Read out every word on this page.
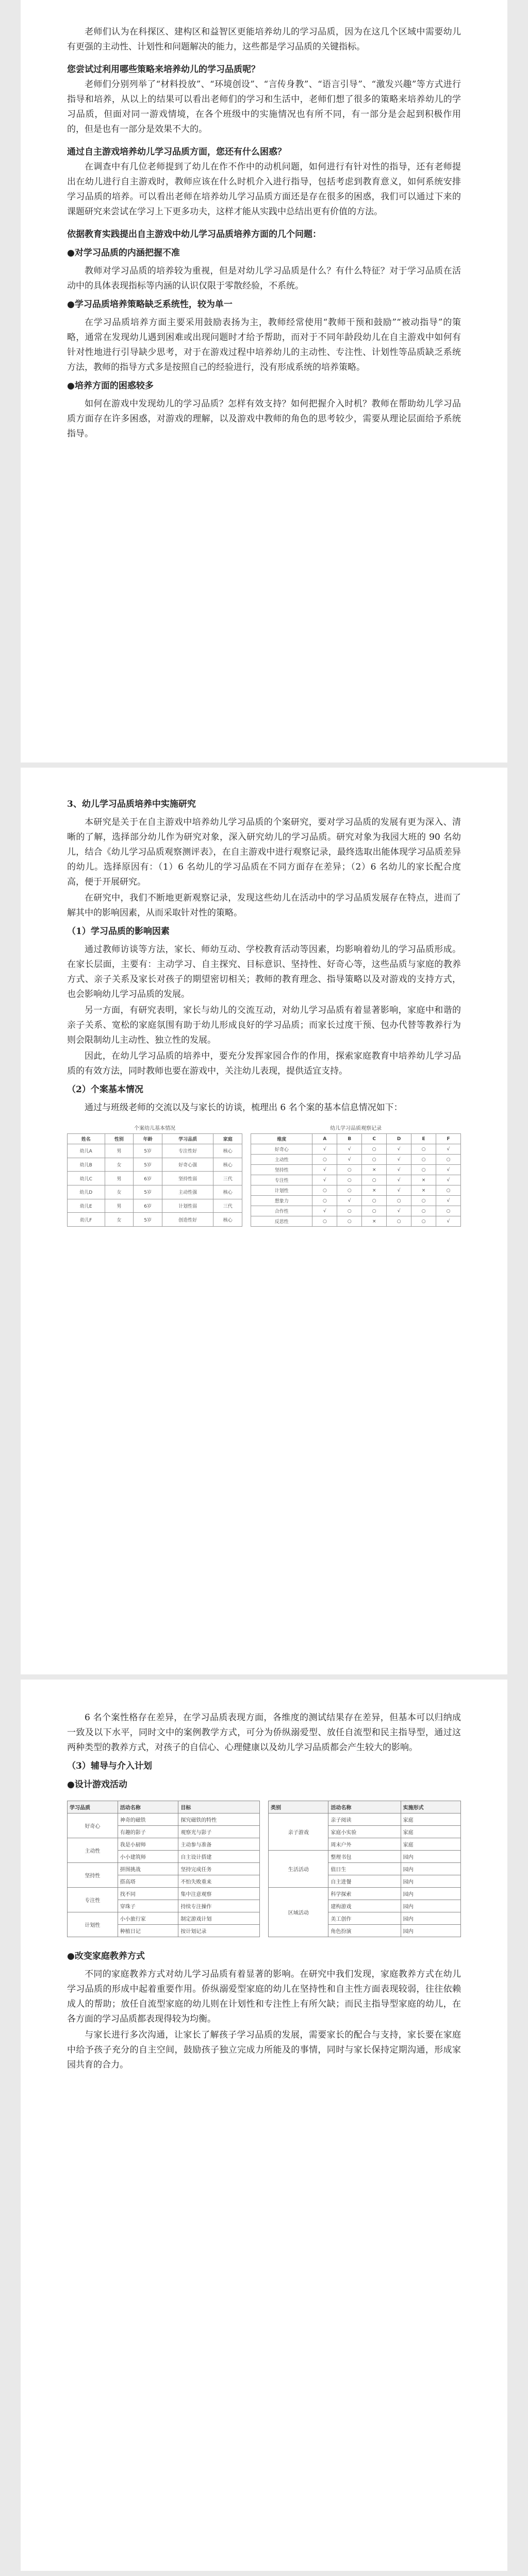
老师们认为在科探区、建构区和益智区更能培养幼儿的学习品质，因为在这几个区域中需要幼儿有更强的主动性、计划性和问题解决的能力，这些都是学习品质的关键指标。

您尝试过利用哪些策略来培养幼儿的学习品质呢？

老师们分别列举了“材料投放”、“环境创设”、“言传身教”、“语言引导”、“激发兴趣”等方式进行指导和培养，从以上的结果可以看出老师们的学习和生活中，老师们想了很多的策略来培养幼儿的学习品质，但面对同一游戏情境，在各个班级中的实施情况也有所不同，有一部分是会起到积极作用的，但是也有一部分是效果不大的。

通过自主游戏培养幼儿学习品质方面，您还有什么困惑？

在调查中有几位老师提到了幼儿在作不作中的动机问题，如何进行有针对性的指导，还有老师提出在幼儿进行自主游戏时，教师应该在什么时机介入进行指导，包括考虑到教育意义，如何系统安排学习品质的培养。可以看出老师在培养幼儿学习品质方面还是存在很多的困惑，我们可以通过下来的课题研究来尝试在学习上下更多功夫，这样才能从实践中总结出更有价值的方法。

依据教育实践提出自主游戏中幼儿学习品质培养方面的几个问题：
●对学习品质的内涵把握不准

教师对学习品质的培养较为重视，但是对幼儿学习品质是什么？有什么特征？对于学习品质在活动中的具体表现指标等内涵的认识仅限于零散经验，不系统。

●学习品质培养策略缺乏系统性，较为单一

在学习品质培养方面主要采用鼓励表扬为主，教师经常使用“教师干预和鼓励”“被动指导”的策略，通常在发现幼儿遇到困难或出现问题时才给予帮助，而对于不同年龄段幼儿在自主游戏中如何有针对性地进行引导缺少思考，对于在游戏过程中培养幼儿的主动性、专注性、计划性等品质缺乏系统方法，教师的指导方式多是按照自己的经验进行，没有形成系统的培养策略。

●培养方面的困惑较多

如何在游戏中发现幼儿的学习品质？怎样有效支持？如何把握介入时机？教师在帮助幼儿学习品质方面存在许多困惑，对游戏的理解，以及游戏中教师的角色的思考较少，需要从理论层面给予系统指导。

3、幼儿学习品质培养中实施研究

本研究是关于在自主游戏中培养幼儿学习品质的个案研究，要对学习品质的发展有更为深入、清晰的了解，选择部分幼儿作为研究对象，深入研究幼儿的学习品质。研究对象为我园大班的 90 名幼儿，结合《幼儿学习品质观察测评表》，在自主游戏中进行观察记录，最终选取出能体现学习品质差异的幼儿。选择原因有：（1）6 名幼儿的学习品质在不同方面存在差异；（2）6 名幼儿的家长配合度高，便于开展研究。

在研究中，我们不断地更新观察记录，发现这些幼儿在活动中的学习品质发展存在特点，进而了解其中的影响因素，从而采取针对性的策略。

（1）学习品质的影响因素

通过教师访谈等方法，家长、师幼互动、学校教育活动等因素，均影响着幼儿的学习品质形成。在家长层面，主要有：主动学习、自主探究、目标意识、坚持性、好奇心等，这些品质与家庭的教养方式、亲子关系及家长对孩子的期望密切相关；教师的教育理念、指导策略以及对游戏的支持方式，也会影响幼儿学习品质的发展。

另一方面，有研究表明，家长与幼儿的交流互动，对幼儿学习品质有着显著影响，家庭中和谐的亲子关系、宽松的家庭氛围有助于幼儿形成良好的学习品质；而家长过度干预、包办代替等教养行为则会限制幼儿主动性、独立性的发展。

因此，在幼儿学习品质的培养中，要充分发挥家园合作的作用，探索家庭教育中培养幼儿学习品质的有效方法，同时教师也要在游戏中，关注幼儿表现，提供适宜支持。

（2）个案基本情况

通过与班级老师的交流以及与家长的访谈，梳理出 6 名个案的基本信息情况如下：

个案幼儿基本情况
姓名	性别	年龄	学习品质	家庭
幼儿A	男	5岁	专注性好	核心
幼儿B	女	5岁	好奇心强	核心
幼儿C	男	6岁	坚持性弱	三代
幼儿D	女	5岁	主动性强	核心
幼儿E	男	6岁	计划性弱	三代
幼儿F	女	5岁	创造性好	核心
幼儿学习品质观察记录
维度	A	B	C	D	E	F
好奇心	√	√	○	√	○	√
主动性	○	√	○	√	○	○
坚持性	√	○	×	√	○	√
专注性	√	○	○	√	×	√
计划性	○	○	×	√	×	○
想象力	○	√	○	○	○	√
合作性	√	○	○	√	○	○
反思性	○	○	×	○	○	√

6 名个案性格存在差异，在学习品质表现方面，各维度的测试结果存在差异，但基本可以归纳成一致及以下水平，同时文中的案例教学方式，可分为侨纵溺爱型、放任自流型和民主指导型，通过这两种类型的教养方式，对孩子的自信心、心理健康以及幼儿学习品质都会产生较大的影响。

（3）辅导与介入计划
●设计游戏活动
学习品质	活动名称	目标
好奇心	神奇的磁铁	探究磁铁的特性
	有趣的影子	观察光与影子
主动性	我是小厨师	主动参与准备
	小小建筑师	自主设计搭建
坚持性	拼图挑战	坚持完成任务
	搭高塔	不怕失败重来
专注性	找不同	集中注意观察
	穿珠子	持续专注操作
计划性	小小旅行家	制定游戏计划
	种植日记	按计划记录
类别	活动名称	实施形式
亲子游戏	亲子阅读	家庭
	家庭小实验	家庭
	周末户外	家庭
生活活动	整理书包	园内
	值日生	园内
	自主进餐	园内
区域活动	科学探索	园内
	建构游戏	园内
	美工创作	园内
	角色扮演	园内
●改变家庭教养方式

不同的家庭教养方式对幼儿学习品质有着显著的影响。在研究中我们发现，家庭教养方式在幼儿学习品质的形成中起着重要作用。侨纵溺爱型家庭的幼儿在坚持性和自主性方面表现较弱，往往依赖成人的帮助；放任自流型家庭的幼儿则在计划性和专注性上有所欠缺；而民主指导型家庭的幼儿，在各方面的学习品质都表现得较为均衡。

与家长进行多次沟通，让家长了解孩子学习品质的发展，需要家长的配合与支持，家长要在家庭中给予孩子充分的自主空间，鼓励孩子独立完成力所能及的事情，同时与家长保持定期沟通，形成家园共育的合力。
